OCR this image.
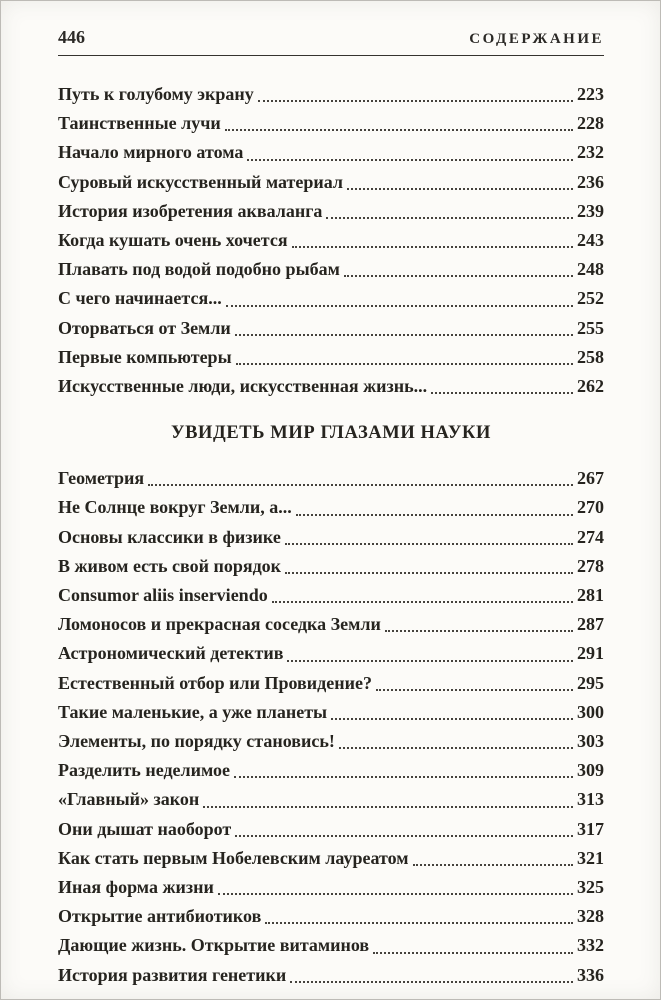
446	СОДЕРЖАНИЕ
Путь к голубому экрану	223
Таинственные лучи	228
Начало мирного атома	232
Суровый искусственный материал	236
История изобретения акваланга	239
Когда кушать очень хочется	243
Плавать под водой подобно рыбам	248
С чего начинается...	252
Оторваться от Земли	255
Первые компьютеры	258
Искусственные люди, искусственная жизнь...	262
УВИДЕТЬ МИР ГЛАЗАМИ НАУКИ
Геометрия	267
Не Солнце вокруг Земли, а...	270
Основы классики в физике	274
В живом есть свой порядок	278
Consumor aliis inserviendo	281
Ломоносов и прекрасная соседка Земли	287
Астрономический детектив	291
Естественный отбор или Провидение?	295
Такие маленькие, а уже планеты	300
Элементы, по порядку становись!	303
Разделить неделимое	309
«Главный» закон	313
Они дышат наоборот	317
Как стать первым Нобелевским лауреатом	321
Иная форма жизни	325
Открытие антибиотиков	328
Дающие жизнь. Открытие витаминов	332
История развития генетики	336
